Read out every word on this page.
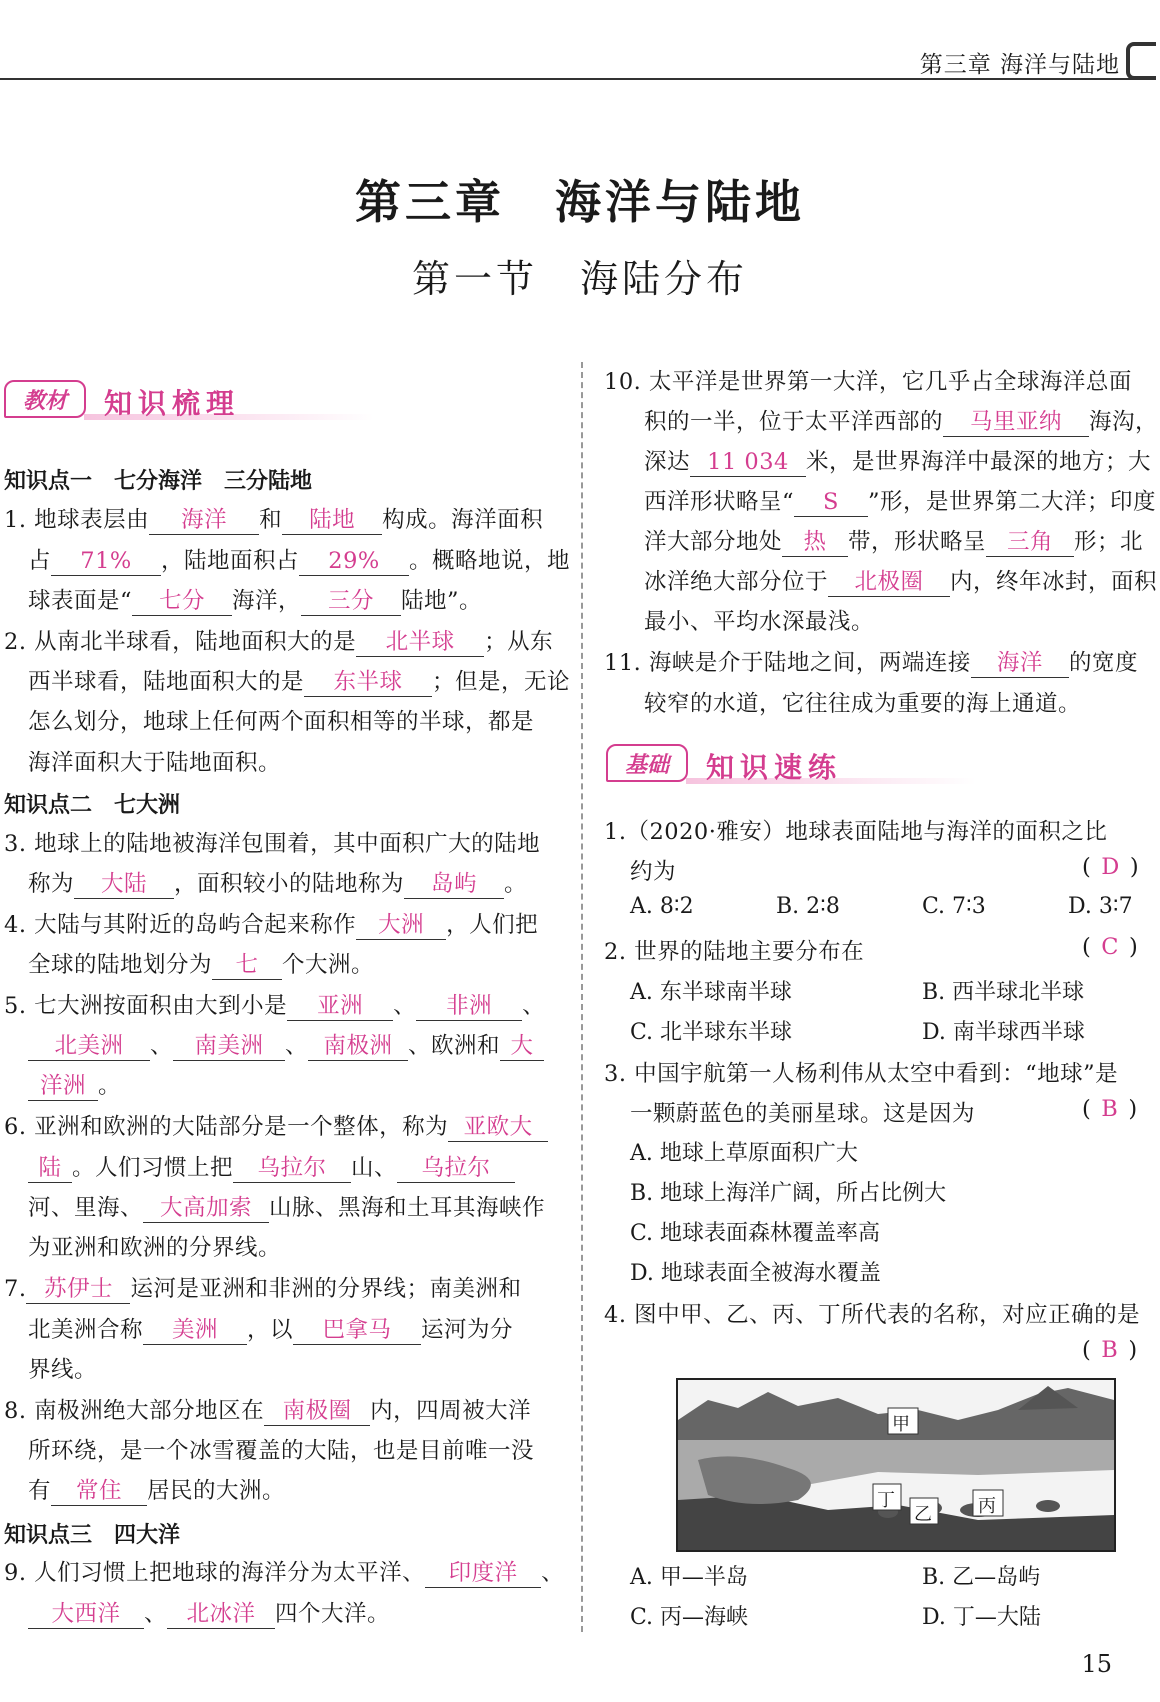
第三章 海洋与陆地
第三章　海洋与陆地
第一节　海陆分布
教材	知识梳理
知识点一　七分海洋　三分陆地
1. 地球表层由 海洋 和 陆地 构成。海洋面积
占 71% ，陆地面积占 29% 。概略地说，地
球表面是“ 七分 海洋， 三分 陆地”。
2. 从南北半球看，陆地面积大的是 北半球 ；从东
西半球看，陆地面积大的是 东半球 ；但是，无论
怎么划分，地球上任何两个面积相等的半球，都是
海洋面积大于陆地面积。
知识点二　七大洲
3. 地球上的陆地被海洋包围着，其中面积广大的陆地
称为 大陆 ，面积较小的陆地称为 岛屿 。
4. 大陆与其附近的岛屿合起来称作 大洲 ，人们把
全球的陆地划分为 七 个大洲。
5. 七大洲按面积由大到小是 亚洲 、 非洲 、
北美洲 、 南美洲 、 南极洲 、欧洲和 大
洋洲 。
6. 亚洲和欧洲的大陆部分是一个整体，称为 亚欧大
陆 。人们习惯上把 乌拉尔 山、 乌拉尔
河、里海、 大高加索 山脉、黑海和土耳其海峡作
为亚洲和欧洲的分界线。
7. 苏伊士 运河是亚洲和非洲的分界线；南美洲和
北美洲合称 美洲 ，以 巴拿马 运河为分
界线。
8. 南极洲绝大部分地区在 南极圈 内，四周被大洋
所环绕，是一个冰雪覆盖的大陆，也是目前唯一没
有 常住 居民的大洲。
知识点三　四大洋
9. 人们习惯上把地球的海洋分为太平洋、 印度洋 、
大西洋 、 北冰洋 四个大洋。
10. 太平洋是世界第一大洋，它几乎占全球海洋总面
积的一半，位于太平洋西部的 马里亚纳 海沟，
深达 11 034 米，是世界海洋中最深的地方；大
西洋形状略呈“ S ”形，是世界第二大洋；印度
洋大部分地处 热 带，形状略呈 三角 形；北
冰洋绝大部分位于 北极圈 内，终年冰封，面积
最小、平均水深最浅。
11. 海峡是介于陆地之间，两端连接 海洋 的宽度
较窄的水道，它往往成为重要的海上通道。
基础	知识速练
1.（2020·雅安）地球表面陆地与海洋的面积之比
约为	( D )
A. 8∶2	B. 2∶8	C. 7∶3	D. 3∶7
2. 世界的陆地主要分布在	( C )
A. 东半球南半球	B. 西半球北半球
C. 北半球东半球	D. 南半球西半球
3. 中国宇航第一人杨利伟从太空中看到：“地球”是
一颗蔚蓝色的美丽星球。这是因为	( B )
A. 地球上草原面积广大
B. 地球上海洋广阔，所占比例大
C. 地球表面森林覆盖率高
D. 地球表面全被海水覆盖
4. 图中甲、乙、丙、丁所代表的名称，对应正确的是
( B )
甲
丁
乙	丙
A. 甲—半岛	B. 乙—岛屿
C. 丙—海峡	D. 丁—大陆
15
